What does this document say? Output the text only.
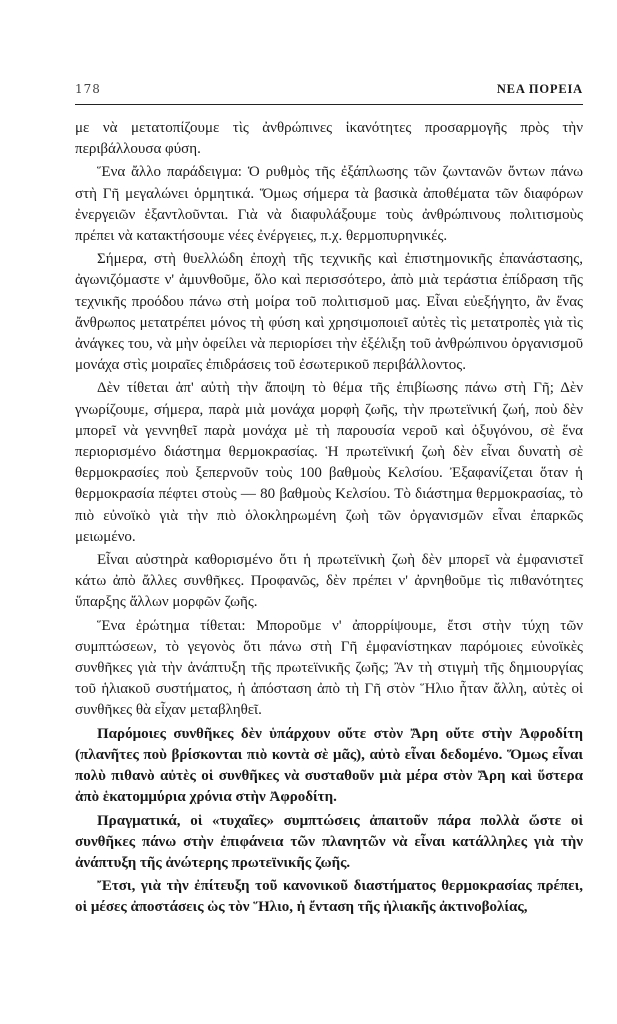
178	ΝΕΑ ΠΟΡΕΙΑ

με νὰ μετατοπίζουμε τὶς ἀνθρώπινες ἱκανότητες προσαρμογῆς πρὸς τὴν περιβάλλουσα φύση.

Ἕνα ἄλλο παράδειγμα: Ὁ ρυθμὸς τῆς ἐξάπλωσης τῶν ζωντανῶν ὄντων πάνω στὴ Γῆ μεγαλώνει ὁρμητικά. Ὅμως σήμερα τὰ βασικὰ ἀποθέματα τῶν διαφόρων ἐνεργειῶν ἐξαντλοῦνται. Γιὰ νὰ διαφυλάξουμε τοὺς ἀνθρώπινους πολιτισμοὺς πρέπει νὰ κατακτήσουμε νέες ἐνέργειες, π.χ. θερμοπυρηνικές.

Σήμερα, στὴ θυελλώδη ἐποχὴ τῆς τεχνικῆς καὶ ἐπιστημονικῆς ἐπανάστασης, ἀγωνιζόμαστε ν' ἀμυνθοῦμε, ὅλο καὶ περισσότερο, ἀπὸ μιὰ τεράστια ἐπίδραση τῆς τεχνικῆς προόδου πάνω στὴ μοίρα τοῦ πολιτισμοῦ μας. Εἶναι εὐεξήγητο, ἂν ἕνας ἄνθρωπος μετατρέπει μόνος τὴ φύση καὶ χρησιμοποιεῖ αὐτὲς τὶς μετατροπὲς γιὰ τὶς ἀνάγκες του, νὰ μὴν ὀφείλει νὰ περιορίσει τὴν ἐξέλιξη τοῦ ἀνθρώπινου ὀργανισμοῦ μονάχα στὶς μοιραῖες ἐπιδράσεις τοῦ ἐσωτερικοῦ περιβάλλοντος.

Δὲν τίθεται ἀπ' αὐτὴ τὴν ἄποψη τὸ θέμα τῆς ἐπιβίωσης πάνω στὴ Γῆ; Δὲν γνωρίζουμε, σήμερα, παρὰ μιὰ μονάχα μορφὴ ζωῆς, τὴν πρωτεϊνική ζωή, ποὺ δὲν μπορεῖ νὰ γεννηθεῖ παρὰ μονάχα μὲ τὴ παρουσία νεροῦ καὶ ὀξυγόνου, σὲ ἕνα περιορισμένο διάστημα θερμοκρασίας. Ἡ πρωτεϊνική ζωὴ δὲν εἶναι δυνατὴ σὲ θερμοκρασίες ποὺ ξεπερνοῦν τοὺς 100 βαθμοὺς Κελσίου. Ἐξαφανίζεται ὅταν ἡ θερμοκρασία πέφτει στοὺς — 80 βαθμοὺς Κελσίου. Τὸ διάστημα θερμοκρασίας, τὸ πιὸ εὐνοϊκὸ γιὰ τὴν πιὸ ὁλοκληρωμένη ζωὴ τῶν ὀργανισμῶν εἶναι ἐπαρκῶς μειωμένο.

Εἶναι αὐστηρὰ καθορισμένο ὅτι ἡ πρωτεϊνικὴ ζωὴ δὲν μπορεῖ νὰ ἐμφανιστεῖ κάτω ἀπὸ ἄλλες συνθῆκες. Προφανῶς, δὲν πρέπει ν' ἀρνηθοῦμε τὶς πιθανότητες ὕπαρξης ἄλλων μορφῶν ζωῆς.

Ἕνα ἐρώτημα τίθεται: Μποροῦμε ν' ἀπορρίψουμε, ἔτσι στὴν τύχη τῶν συμπτώσεων, τὸ γεγονὸς ὅτι πάνω στὴ Γῆ ἐμφανίστηκαν παρόμοιες εὐνοϊκὲς συνθῆκες γιὰ τὴν ἀνάπτυξη τῆς πρωτεϊνικῆς ζωῆς; Ἂν τὴ στιγμὴ τῆς δημιουργίας τοῦ ἡλιακοῦ συστήματος, ἡ ἀπόσταση ἀπὸ τὴ Γῆ στὸν Ἥλιο ἦταν ἄλλη, αὐτὲς οἱ συνθῆκες θὰ εἶχαν μεταβληθεῖ.

Παρόμοιες συνθῆκες δὲν ὑπάρχουν οὔτε στὸν Ἄρη οὔτε στὴν Ἀφροδίτη (πλανῆτες ποὺ βρίσκονται πιὸ κοντὰ σὲ μᾶς), αὐτὸ εἶναι δεδομένο. Ὅμως εἶναι πολὺ πιθανὸ αὐτὲς οἱ συνθῆκες νὰ συσταθοῦν μιὰ μέρα στὸν Ἄρη καὶ ὕστερα ἀπὸ ἑκατομμύρια χρόνια στὴν Ἀφροδίτη.

Πραγματικά, οἱ «τυχαῖες» συμπτώσεις ἀπαιτοῦν πάρα πολλὰ ὥστε οἱ συνθῆκες πάνω στὴν ἐπιφάνεια τῶν πλανητῶν νὰ εἶναι κατάλληλες γιὰ τὴν ἀνάπτυξη τῆς ἀνώτερης πρωτεϊνικῆς ζωῆς.

Ἔτσι, γιὰ τὴν ἐπίτευξη τοῦ κανονικοῦ διαστήματος θερμοκρασίας πρέπει, οἱ μέσες ἀποστάσεις ὡς τὸν Ἥλιο, ἡ ἔνταση τῆς ἡλιακῆς ἀκτινοβολίας,
